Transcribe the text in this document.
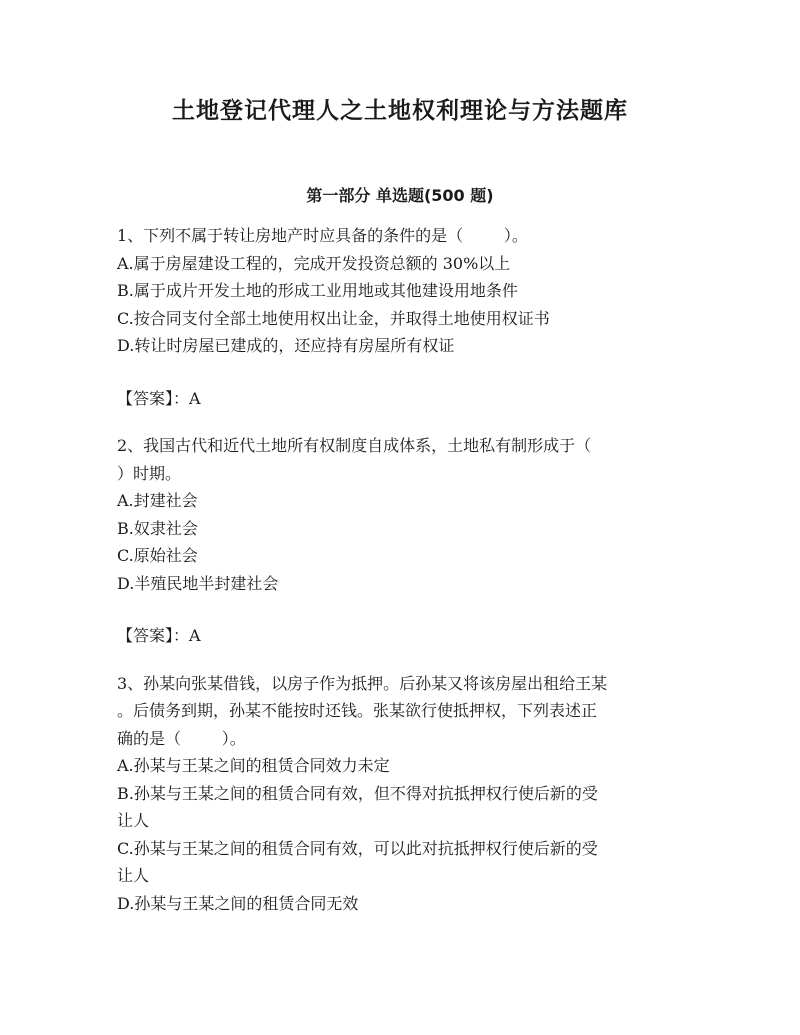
土地登记代理人之土地权利理论与方法题库
第一部分 单选题(500 题)
1、下列不属于转让房地产时应具备的条件的是（        ）。
A.属于房屋建设工程的，完成开发投资总额的 30%以上
B.属于成片开发土地的形成工业用地或其他建设用地条件
C.按合同支付全部土地使用权出让金，并取得土地使用权证书
D.转让时房屋已建成的，还应持有房屋所有权证
【答案】：A
2、我国古代和近代土地所有权制度自成体系，土地私有制形成于（
）时期。
A.封建社会
B.奴隶社会
C.原始社会
D.半殖民地半封建社会
【答案】：A
3、孙某向张某借钱，以房子作为抵押。后孙某又将该房屋出租给王某
。后债务到期，孙某不能按时还钱。张某欲行使抵押权，下列表述正
确的是（        ）。
A.孙某与王某之间的租赁合同效力未定
B.孙某与王某之间的租赁合同有效，但不得对抗抵押权行使后新的受
让人
C.孙某与王某之间的租赁合同有效，可以此对抗抵押权行使后新的受
让人
D.孙某与王某之间的租赁合同无效
